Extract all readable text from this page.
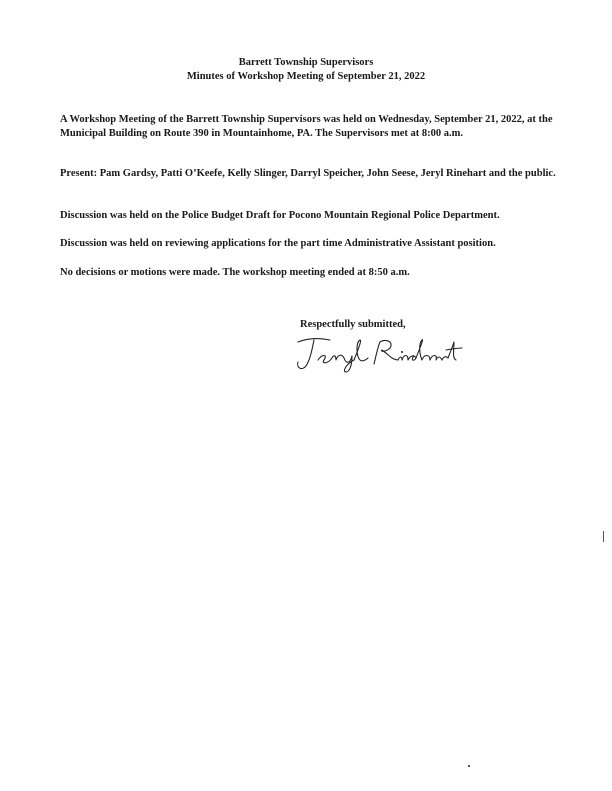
Barrett Township Supervisors
Minutes of Workshop Meeting of September 21, 2022

A Workshop Meeting of the Barrett Township Supervisors was held on Wednesday, September 21, 2022, at the Municipal Building on Route 390 in Mountainhome, PA. The Supervisors met at 8:00 a.m.

Present: Pam Gardsy, Patti O’Keefe, Kelly Slinger, Darryl Speicher, John Seese, Jeryl Rinehart and the public.

Discussion was held on the Police Budget Draft for Pocono Mountain Regional Police Department.

Discussion was held on reviewing applications for the part time Administrative Assistant position.

No decisions or motions were made. The workshop meeting ended at 8:50 a.m.

Respectfully submitted,
